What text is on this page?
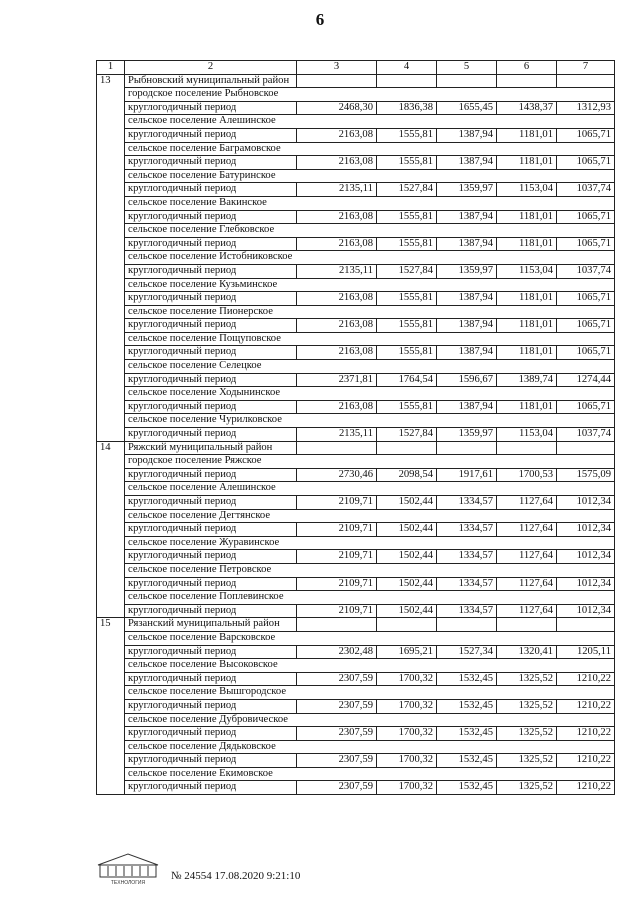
6
1	2	3	4	5	6	7
13	Рыбновский муниципальный район					
	городское поселение Рыбновское					
	круглогодичный период	2468,30	1836,38	1655,45	1438,37	1312,93
	сельское поселение Алешинское					
	круглогодичный период	2163,08	1555,81	1387,94	1181,01	1065,71
	сельское поселение Баграмовское					
	круглогодичный период	2163,08	1555,81	1387,94	1181,01	1065,71
	сельское поселение Батуринское					
	круглогодичный период	2135,11	1527,84	1359,97	1153,04	1037,74
	сельское поселение Вакинское					
	круглогодичный период	2163,08	1555,81	1387,94	1181,01	1065,71
	сельское поселение Глебковское					
	круглогодичный период	2163,08	1555,81	1387,94	1181,01	1065,71
	сельское поселение Истобниковское					
	круглогодичный период	2135,11	1527,84	1359,97	1153,04	1037,74
	сельское поселение Кузьминское					
	круглогодичный период	2163,08	1555,81	1387,94	1181,01	1065,71
	сельское поселение Пионерское					
	круглогодичный период	2163,08	1555,81	1387,94	1181,01	1065,71
	сельское поселение Пощуповское					
	круглогодичный период	2163,08	1555,81	1387,94	1181,01	1065,71
	сельское поселение Селецкое					
	круглогодичный период	2371,81	1764,54	1596,67	1389,74	1274,44
	сельское поселение Ходынинское					
	круглогодичный период	2163,08	1555,81	1387,94	1181,01	1065,71
	сельское поселение Чурилковское					
	круглогодичный период	2135,11	1527,84	1359,97	1153,04	1037,74
14	Ряжский муниципальный район					
	городское поселение Ряжское					
	круглогодичный период	2730,46	2098,54	1917,61	1700,53	1575,09
	сельское поселение Алешинское					
	круглогодичный период	2109,71	1502,44	1334,57	1127,64	1012,34
	сельское поселение Дегтянское					
	круглогодичный период	2109,71	1502,44	1334,57	1127,64	1012,34
	сельское поселение Журавинское					
	круглогодичный период	2109,71	1502,44	1334,57	1127,64	1012,34
	сельское поселение Петровское					
	круглогодичный период	2109,71	1502,44	1334,57	1127,64	1012,34
	сельское поселение Поплевинское					
	круглогодичный период	2109,71	1502,44	1334,57	1127,64	1012,34
15	Рязанский муниципальный район					
	сельское поселение Варсковское					
	круглогодичный период	2302,48	1695,21	1527,34	1320,41	1205,11
	сельское поселение Высоковское					
	круглогодичный период	2307,59	1700,32	1532,45	1325,52	1210,22
	сельское поселение Вышгородское					
	круглогодичный период	2307,59	1700,32	1532,45	1325,52	1210,22
	сельское поселение Дубровическое					
	круглогодичный период	2307,59	1700,32	1532,45	1325,52	1210,22
	сельское поселение Дядьковское					
	круглогодичный период	2307,59	1700,32	1532,45	1325,52	1210,22
	сельское поселение Екимовское					
	круглогодичный период	2307,59	1700,32	1532,45	1325,52	1210,22
ТЕХНОЛОГИЯ
№ 24554 17.08.2020 9:21:10
